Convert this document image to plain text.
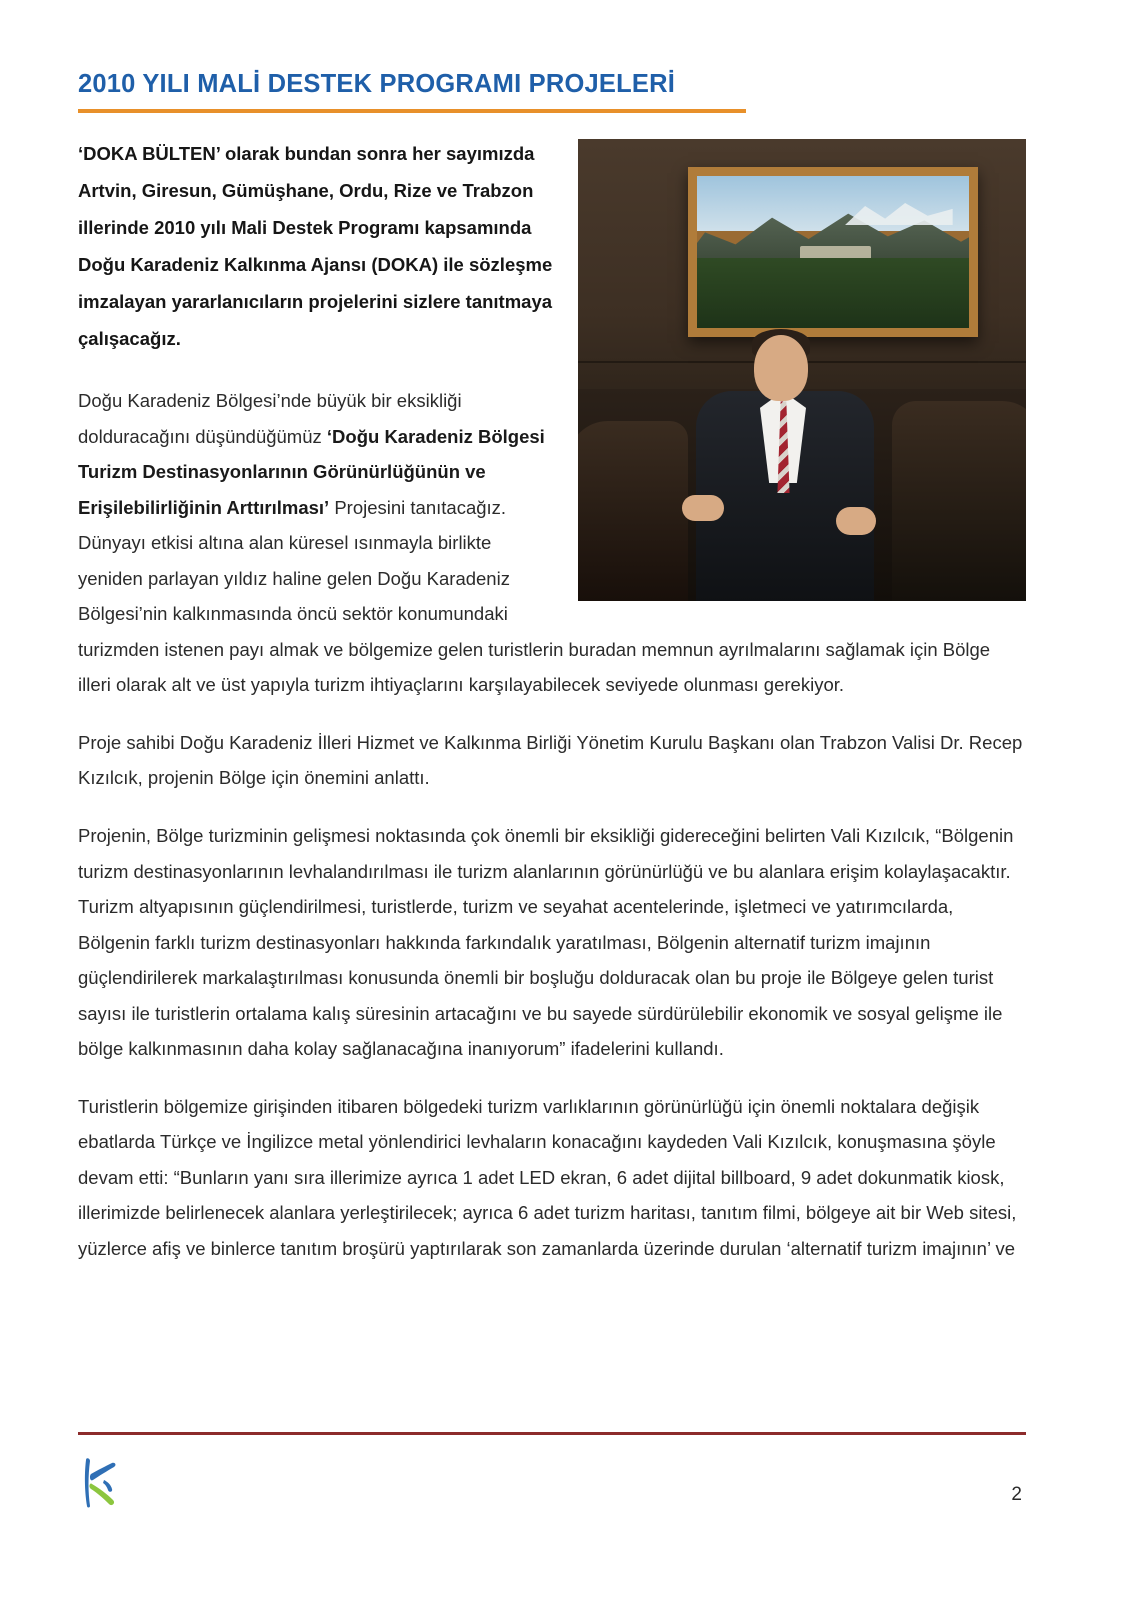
2010 YILI MALİ DESTEK PROGRAMI PROJELERİ

‘DOKA BÜLTEN’ olarak bundan sonra her sayımızda Artvin, Giresun, Gümüşhane, Ordu, Rize ve Trabzon illerinde 2010 yılı Mali Destek Programı kapsamında Doğu Karadeniz Kalkınma Ajansı (DOKA) ile sözleşme imzalayan yararlanıcıların projelerini sizlere tanıtmaya çalışacağız.

Doğu Karadeniz Bölgesi’nde büyük bir eksikliği dolduracağını düşündüğümüz ‘Doğu Karadeniz Bölgesi Turizm Destinasyonlarının Görünürlüğünün ve Erişilebilirliğinin Arttırılması’ Projesini tanıtacağız. Dünyayı etkisi altına alan küresel ısınmayla birlikte yeniden parlayan yıldız haline gelen Doğu Karadeniz Bölgesi’nin kalkınmasında öncü sektör konumundaki turizmden istenen payı almak ve bölgemize gelen turistlerin buradan memnun ayrılmalarını sağlamak için Bölge illeri olarak alt ve üst yapıyla turizm ihtiyaçlarını karşılayabilecek seviyede olunması gerekiyor.

Proje sahibi Doğu Karadeniz İlleri Hizmet ve Kalkınma Birliği Yönetim Kurulu Başkanı olan Trabzon Valisi Dr. Recep Kızılcık, projenin Bölge için önemini anlattı.

Projenin, Bölge turizminin gelişmesi noktasında çok önemli bir eksikliği gidereceğini belirten Vali Kızılcık, “Bölgenin turizm destinasyonlarının levhalandırılması ile turizm alanlarının görünürlüğü ve bu alanlara erişim kolaylaşacaktır. Turizm altyapısının güçlendirilmesi, turistlerde, turizm ve seyahat acentelerinde, işletmeci ve yatırımcılarda, Bölgenin farklı turizm destinasyonları hakkında farkındalık yaratılması, Bölgenin alternatif turizm imajının güçlendirilerek markalaştırılması konusunda önemli bir boşluğu dolduracak olan bu proje ile Bölgeye gelen turist sayısı ile turistlerin ortalama kalış süresinin artacağını ve bu sayede sürdürülebilir ekonomik ve sosyal gelişme ile bölge kalkınmasının daha kolay sağlanacağına inanıyorum” ifadelerini kullandı.

Turistlerin bölgemize girişinden itibaren bölgedeki turizm varlıklarının görünürlüğü için önemli noktalara değişik ebatlarda Türkçe ve İngilizce metal yönlendirici levhaların konacağını kaydeden Vali Kızılcık, konuşmasına şöyle devam etti: “Bunların yanı sıra illerimize ayrıca 1 adet LED ekran, 6 adet dijital billboard, 9 adet dokunmatik kiosk, illerimizde belirlenecek alanlara yerleştirilecek; ayrıca 6 adet turizm haritası, tanıtım filmi, bölgeye ait bir Web sitesi, yüzlerce afiş ve binlerce tanıtım broşürü yaptırılarak son zamanlarda üzerinde durulan ‘alternatif turizm imajının’ ve

2
